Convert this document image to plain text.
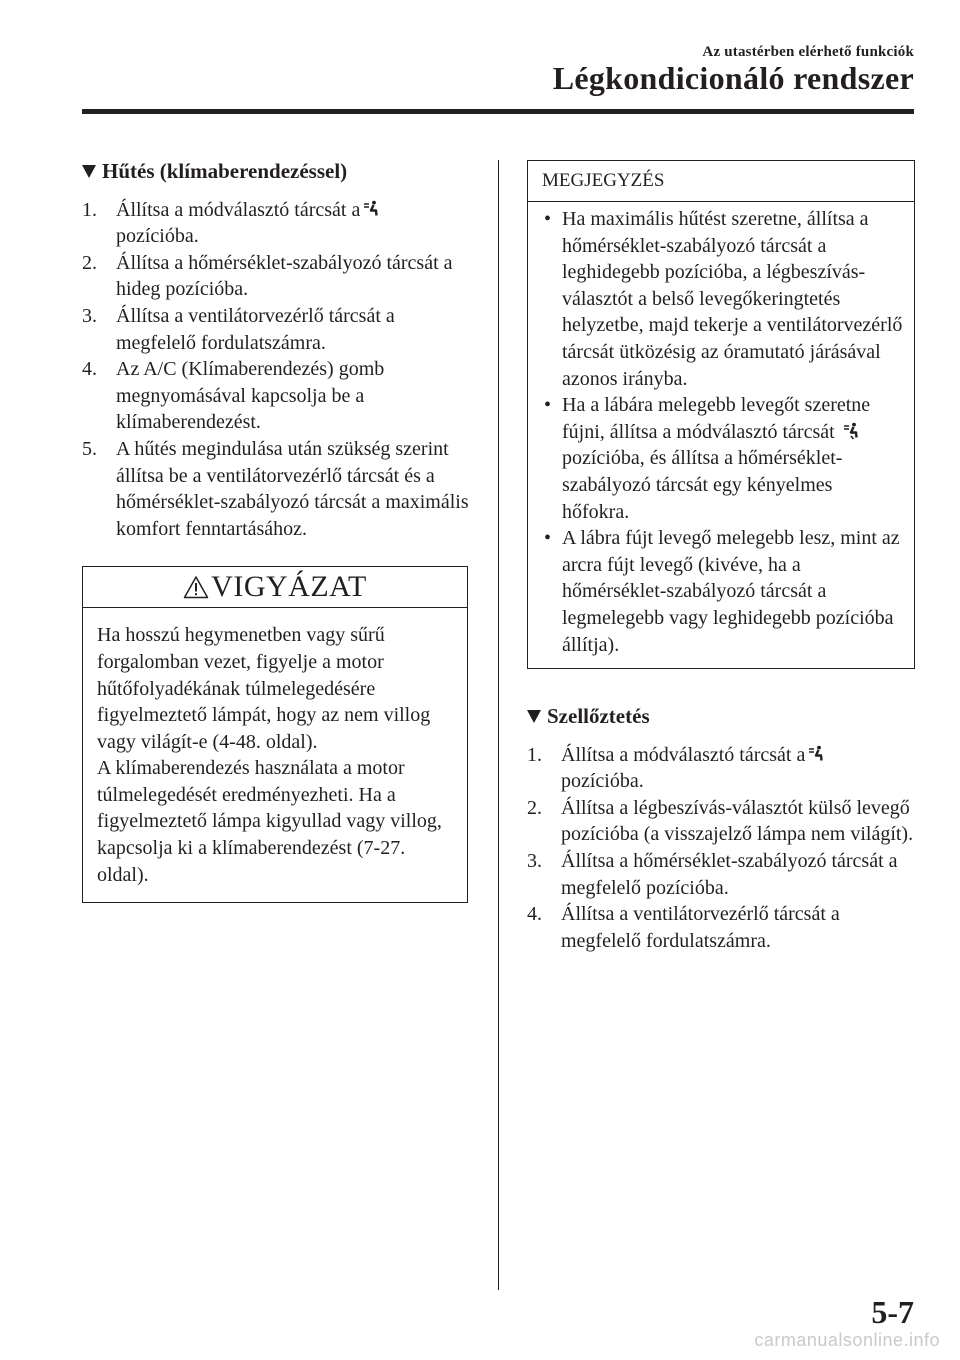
Az utastérben elérhető funkciók
Légkondicionáló rendszer
Hűtés (klímaberendezéssel)
1. Állítsa a módválasztó tárcsát a

pozícióba.
2. Állítsa a hőmérséklet-szabályozó tárcsát a hideg pozícióba.
3. Állítsa a ventilátorvezérlő tárcsát a megfelelő fordulatszámra.
4. Az A/C (Klímaberendezés) gomb megnyomásával kapcsolja be a klímaberendezést.
5. A hűtés megindulása után szükség szerint állítsa be a ventilátorvezérlő tárcsát és a hőmérséklet-szabályozó tárcsát a maximális komfort fenntartásához.
VIGYÁZAT
Ha hosszú hegymenetben vagy sűrű forgalomban vezet, figyelje a motor hűtőfolyadékának túlmelegedésére figyelmeztető lámpát, hogy az nem villog vagy világít-e (4-48. oldal).
A klímaberendezés használata a motor túlmelegedését eredményezheti. Ha a figyelmeztető lámpa kigyullad vagy villog, kapcsolja ki a klímaberendezést (7-27. oldal).
MEGJEGYZÉS
• Ha maximális hűtést szeretne, állítsa a hőmérséklet-szabályozó tárcsát a leghidegebb pozícióba, a légbeszívás-választót a belső levegőkeringtetés helyzetbe, majd tekerje a ventilátorvezérlő tárcsát ütközésig az óramutató járásával azonos irányba.
• Ha a lábára melegebb levegőt szeretne fújni, állítsa a módválasztó tárcsát
pozícióba, és állítsa a hőmérséklet-szabályozó tárcsát egy kényelmes hőfokra.
• A lábra fújt levegő melegebb lesz, mint az arcra fújt levegő (kivéve, ha a hőmérséklet-szabályozó tárcsát a legmelegebb vagy leghidegebb pozícióba állítja).
Szellőztetés
1. Állítsa a módválasztó tárcsát a

pozícióba.
2. Állítsa a légbeszívás-választót külső levegő pozícióba (a visszajelző lámpa nem világít).
3. Állítsa a hőmérséklet-szabályozó tárcsát a megfelelő pozícióba.
4. Állítsa a ventilátorvezérlő tárcsát a megfelelő fordulatszámra.
5-7
carmanualsonline.info
